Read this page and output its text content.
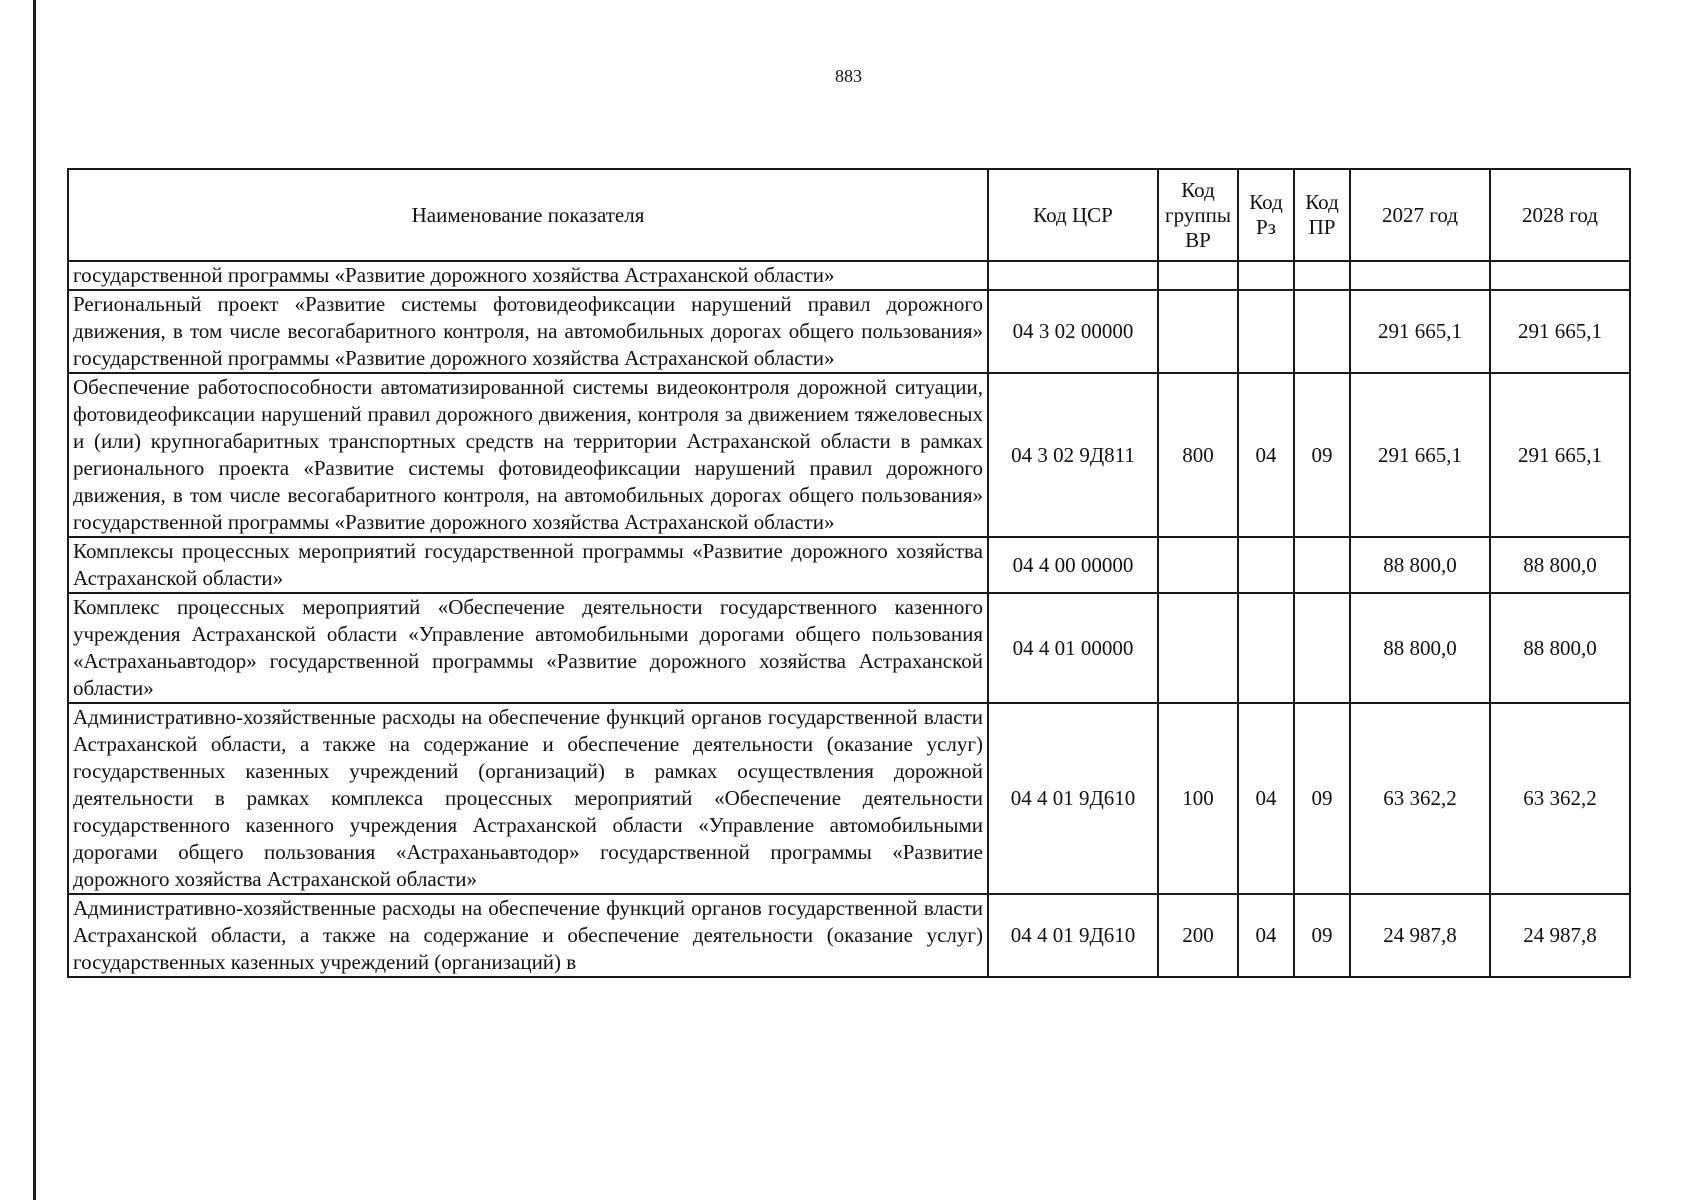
883
Наименование показателя	Код ЦСР	Код группы ВР	Код Рз	Код ПР	2027 год	2028 год
государственной программы «Развитие дорожного хозяйства Астраханской области»						
Региональный проект «Развитие системы фотовидеофиксации нарушений правил дорожного движения, в том числе весогабаритного контроля, на автомобильных дорогах общего пользования» государственной программы «Развитие дорожного хозяйства Астраханской области»	04 3 02 00000				291 665,1	291 665,1
Обеспечение работоспособности автоматизированной системы видеоконтроля дорожной ситуации, фотовидеофиксации нарушений правил дорожного движения, контроля за движением тяжеловесных и (или) крупногабаритных транспортных средств на территории Астраханской области в рамках регионального проекта «Развитие системы фотовидеофиксации нарушений правил дорожного движения, в том числе весогабаритного контроля, на автомобильных дорогах общего пользования» государственной программы «Развитие дорожного хозяйства Астраханской области»	04 3 02 9Д811	800	04	09	291 665,1	291 665,1
Комплексы процессных мероприятий государственной программы «Развитие дорожного хозяйства Астраханской области»	04 4 00 00000				88 800,0	88 800,0
Комплекс процессных мероприятий «Обеспечение деятельности государственного казенного учреждения Астраханской области «Управление автомобильными дорогами общего пользования «Астраханьавтодор» государственной программы «Развитие дорожного хозяйства Астраханской области»	04 4 01 00000				88 800,0	88 800,0
Административно-хозяйственные расходы на обеспечение функций органов государственной власти Астраханской области, а также на содержание и обеспечение деятельности (оказание услуг) государственных казенных учреждений (организаций) в рамках осуществления дорожной деятельности в рамках комплекса процессных мероприятий «Обеспечение деятельности государственного казенного учреждения Астраханской области «Управление автомобильными дорогами общего пользования «Астраханьавтодор» государственной программы «Развитие дорожного хозяйства Астраханской области»	04 4 01 9Д610	100	04	09	63 362,2	63 362,2
Административно-хозяйственные расходы на обеспечение функций органов государственной власти Астраханской области, а также на содержание и обеспечение деятельности (оказание услуг) государственных казенных учреждений (организаций) в	04 4 01 9Д610	200	04	09	24 987,8	24 987,8
